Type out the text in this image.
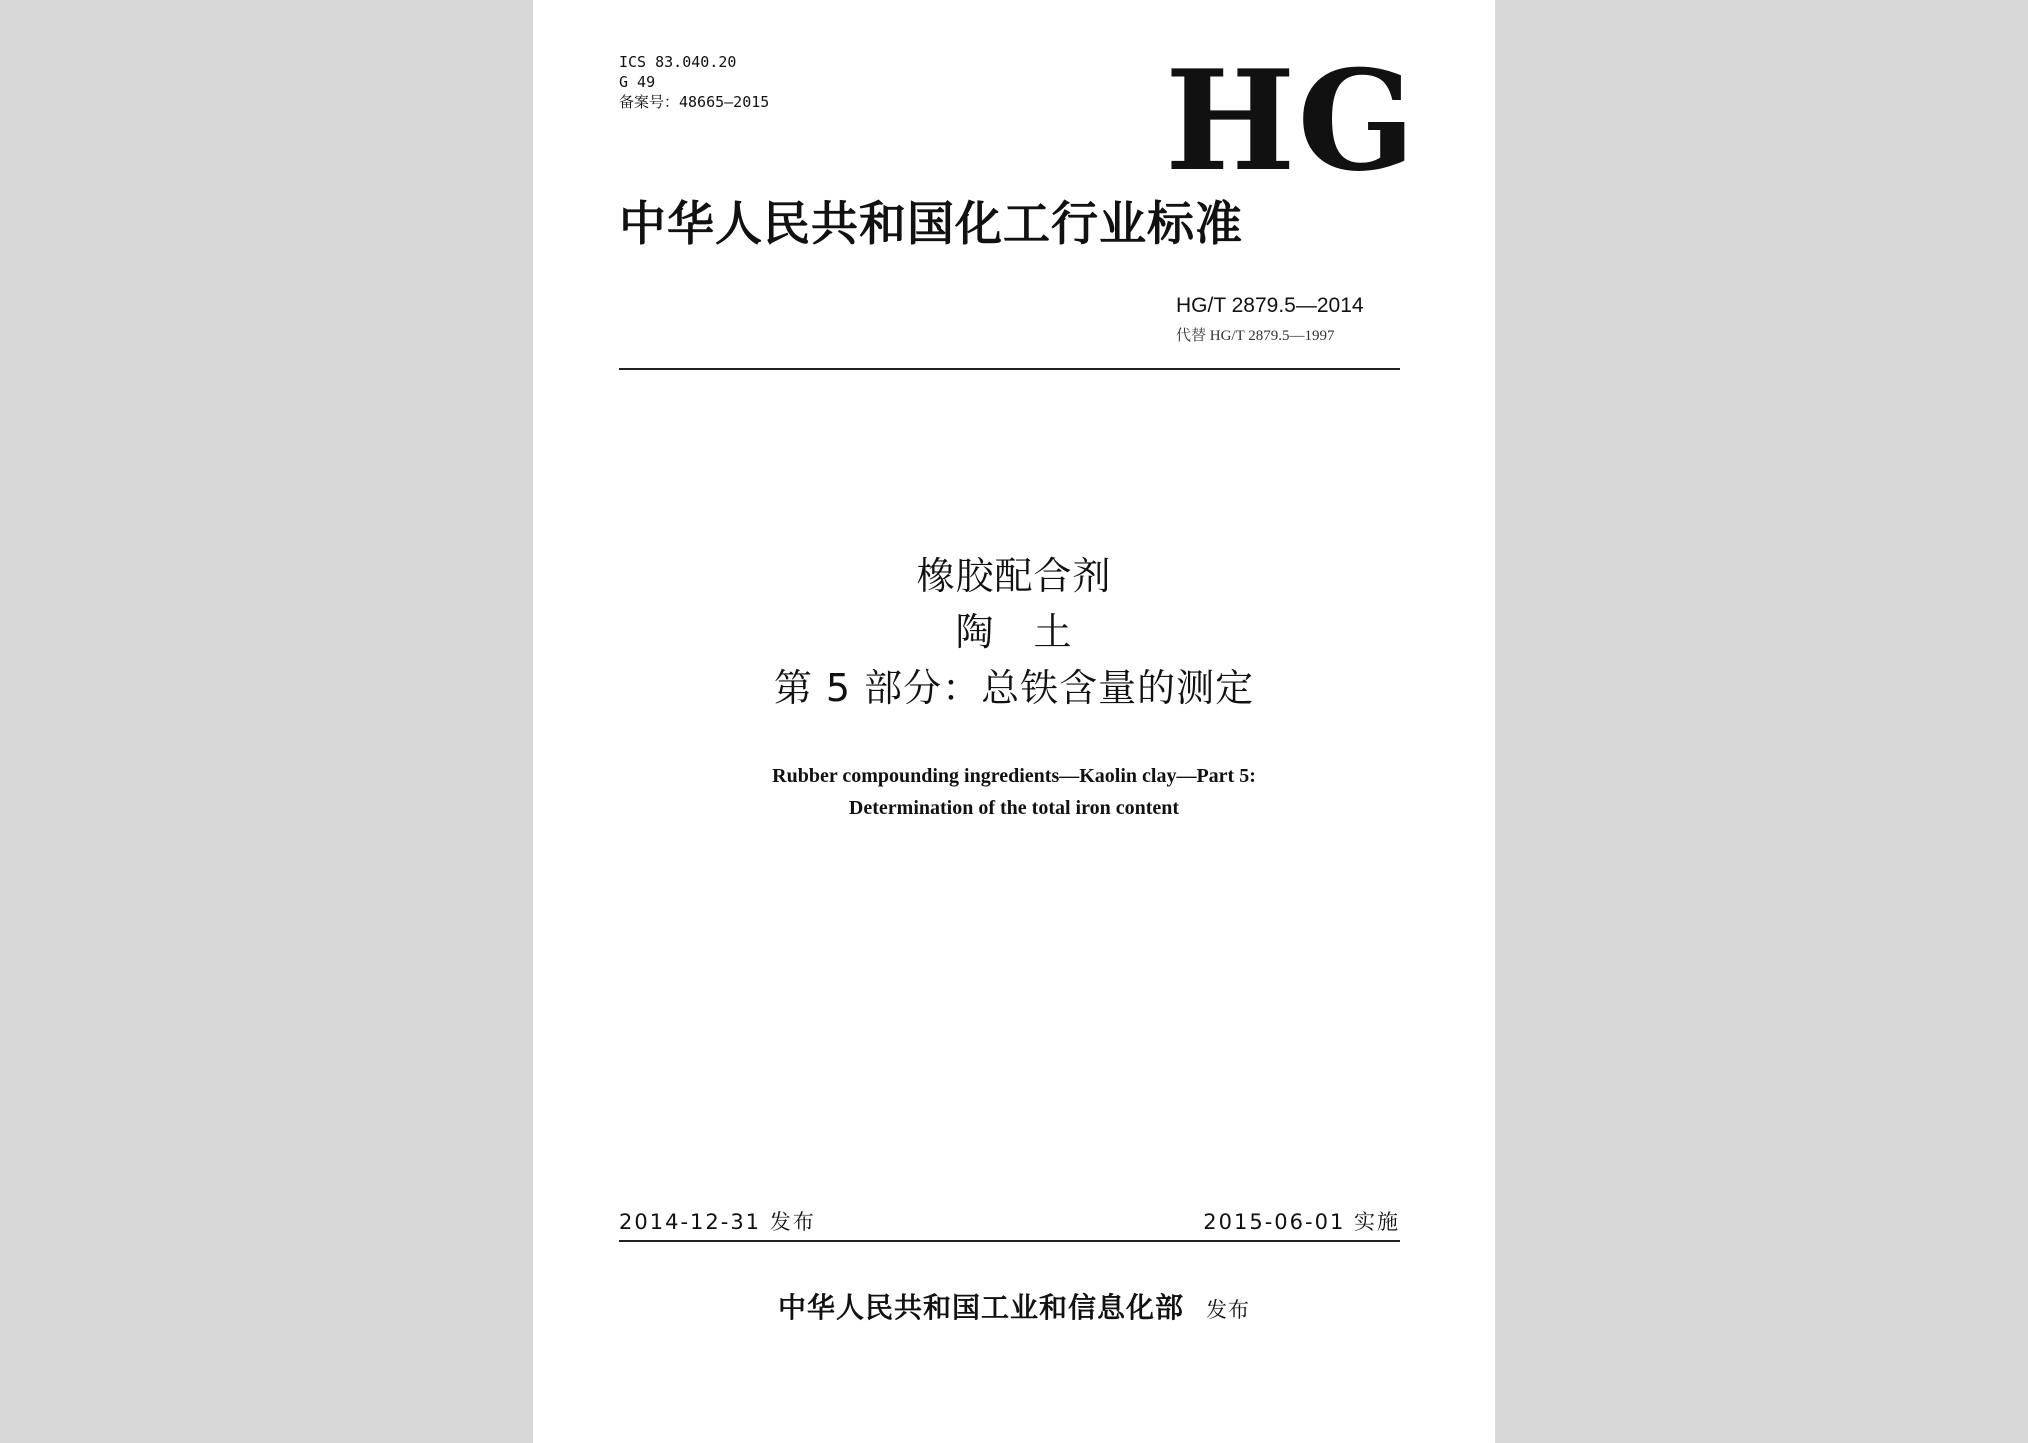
ICS 83.040.20
G 49
备案号：48665—2015	HG
中华人民共和国化工行业标准
HG/T 2879.5—2014
代替 HG/T 2879.5—1997
橡胶配合剂
陶　土
第 5 部分：总铁含量的测定
Rubber compounding ingredients—Kaolin clay—Part 5:
Determination of the total iron content
2014-12-31 发布	2015-06-01 实施
中华人民共和国工业和信息化部 发布
